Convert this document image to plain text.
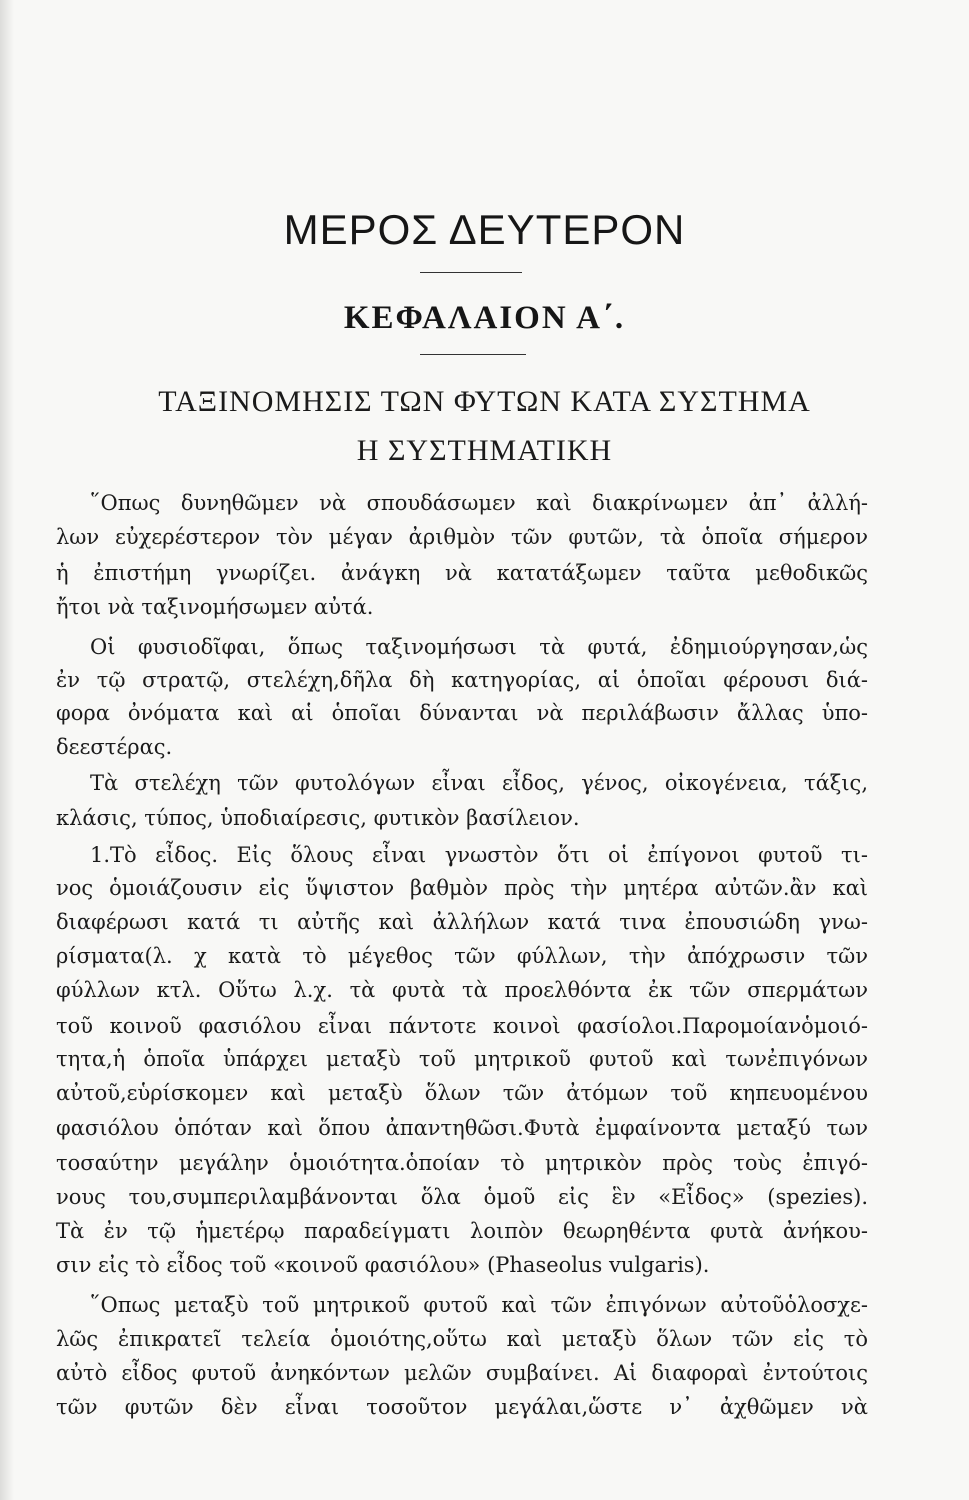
ΜΕΡΟΣ ΔΕΥΤΕΡΟΝ
ΚΕΦΑΛΑΙΟΝ Α΄.
ΤΑΞΙΝΟΜΗΣΙΣ ΤΩΝ ΦΥΤΩΝ ΚΑΤΑ ΣΥΣΤΗΜΑ
Η ΣΥΣΤΗΜΑΤΙΚΗ
῞Οπως δυνηθῶμεν νὰ σπουδάσωμεν καὶ διακρίνωμεν ἀπ᾿ ἀλλή-
λων εὐχερέστερον τὸν μέγαν ἀριθμὸν τῶν φυτῶν, τὰ ὁποῖα σήμερον
ἡ ἐπιστήμη γνωρίζει. ἀνάγκη νὰ κατατάξωμεν ταῦτα μεθοδικῶς
ἤτοι νὰ ταξινομήσωμεν αὐτά.
Οἱ φυσιοδῖφαι, ὅπως ταξινομήσωσι τὰ φυτά, ἐδημιούργησαν,ὡς
ἐν τῷ στρατῷ, στελέχη,δῆλα δὴ κατηγορίας, αἱ ὁποῖαι φέρουσι διά-
φορα ὀνόματα καὶ αἱ ὁποῖαι δύνανται νὰ περιλάβωσιν ἄλλας ὑπο-
δεεστέρας.
Τὰ στελέχη τῶν φυτολόγων εἶναι εἶδος, γένος, οἰκογένεια, τάξις,
κλάσις, τύπος, ὑποδιαίρεσις, φυτικὸν βασίλειον.
1.Τὸ εἶδος. Εἰς ὅλους εἶναι γνωστὸν ὅτι οἱ ἐπίγονοι φυτοῦ τι-
νος ὁμοιάζουσιν εἰς ὕψιστον βαθμὸν πρὸς τὴν μητέρα αὐτῶν.ἂν καὶ
διαφέρωσι κατά τι αὐτῆς καὶ ἀλλήλων κατά τινα ἐπουσιώδη γνω-
ρίσματα(λ. χ κατὰ τὸ μέγεθος τῶν φύλλων, τὴν ἀπόχρωσιν τῶν
φύλλων κτλ. Οὕτω λ.χ. τὰ φυτὰ τὰ προελθόντα ἐκ τῶν σπερμάτων
τοῦ κοινοῦ φασιόλου εἶναι πάντοτε κοινοὶ φασίολοι.Παρομοίανὁμοιό-
τητα,ἡ ὁποῖα ὑπάρχει μεταξὺ τοῦ μητρικοῦ φυτοῦ καὶ τωνἐπιγόνων
αὐτοῦ,εὑρίσκομεν καὶ μεταξὺ ὅλων τῶν ἀτόμων τοῦ κηπευομένου
φασιόλου ὁπόταν καὶ ὅπου ἀπαντηθῶσι.Φυτὰ ἐμφαίνοντα μεταξύ των
τοσαύτην μεγάλην ὁμοιότητα.ὁποίαν τὸ μητρικὸν πρὸς τοὺς ἐπιγό-
νους του,συμπεριλαμβάνονται ὅλα ὁμοῦ εἰς ἓν «Εἶδος» (spezies).
Τὰ ἐν τῷ ἡμετέρῳ παραδείγματι λοιπὸν θεωρηθέντα φυτὰ ἀνήκου-
σιν εἰς τὸ εἶδος τοῦ «κοινοῦ φασιόλου» (Phaseolus vulgaris).
῞Οπως μεταξὺ τοῦ μητρικοῦ φυτοῦ καὶ τῶν ἐπιγόνων αὐτοῦὁλοσχε-
λῶς ἐπικρατεῖ τελεία ὁμοιότης,οὕτω καὶ μεταξὺ ὅλων τῶν εἰς τὸ
αὐτὸ εἶδος φυτοῦ ἀνηκόντων μελῶν συμβαίνει. Αἱ διαφοραὶ ἐντούτοις
τῶν φυτῶν δὲν εἶναι τοσοῦτον μεγάλαι,ὥστε ν᾿ ἀχθῶμεν νὰ
